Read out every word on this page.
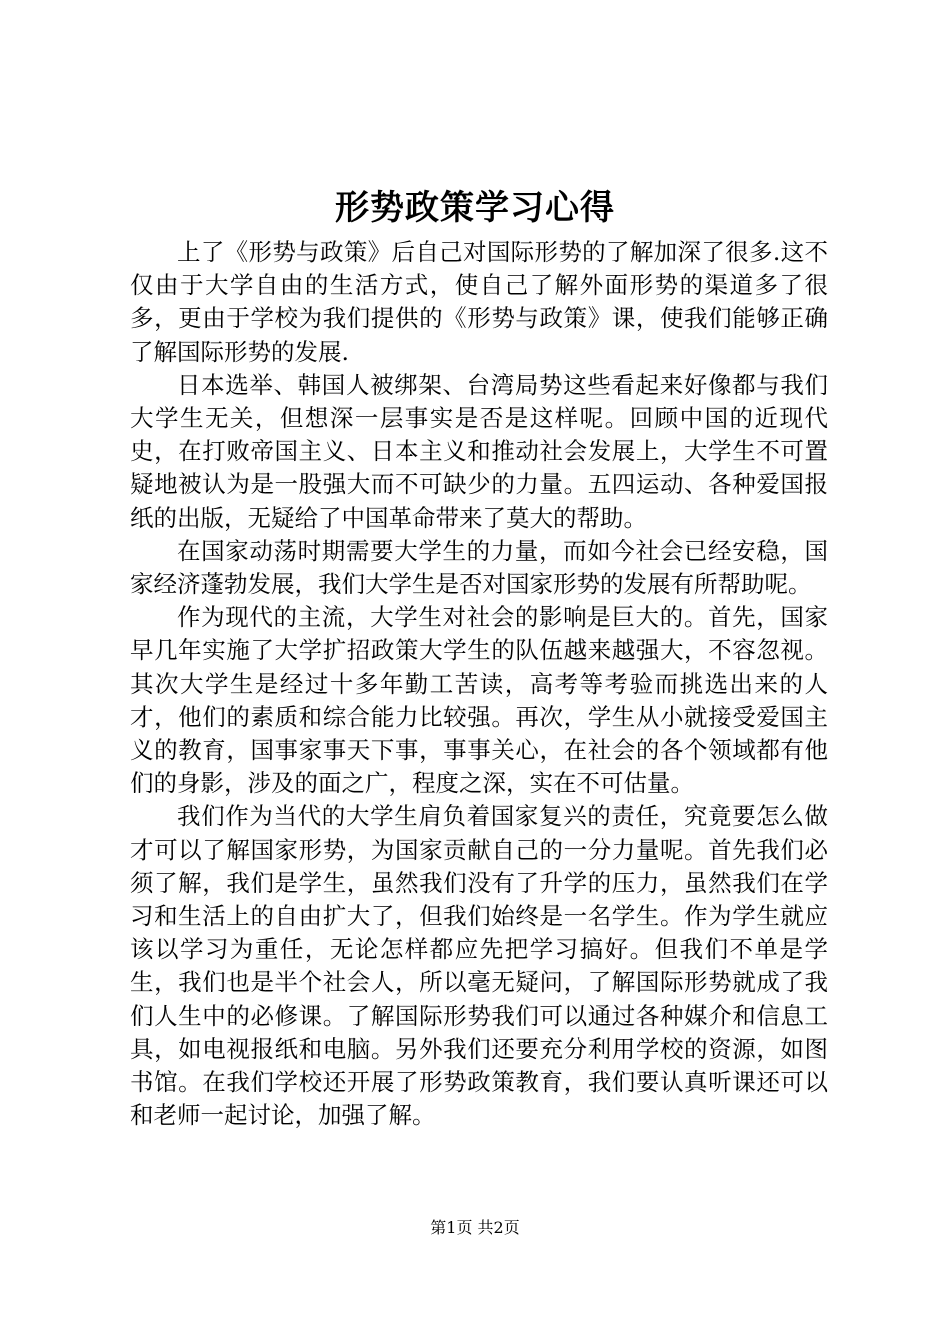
形势政策学习心得

上了《形势与政策》后自己对国际形势的了解加深了很多.这不仅由于大学自由的生活方式，使自己了解外面形势的渠道多了很多，更由于学校为我们提供的《形势与政策》课，使我们能够正确了解国际形势的发展.

日本选举、韩国人被绑架、台湾局势这些看起来好像都与我们大学生无关，但想深一层事实是否是这样呢。回顾中国的近现代史，在打败帝国主义、日本主义和推动社会发展上，大学生不可置疑地被认为是一股强大而不可缺少的力量。五四运动、各种爱国报纸的出版，无疑给了中国革命带来了莫大的帮助。

在国家动荡时期需要大学生的力量，而如今社会已经安稳，国家经济蓬勃发展，我们大学生是否对国家形势的发展有所帮助呢。

作为现代的主流，大学生对社会的影响是巨大的。首先，国家早几年实施了大学扩招政策大学生的队伍越来越强大，不容忽视。其次大学生是经过十多年勤工苦读，高考等考验而挑选出来的人才，他们的素质和综合能力比较强。再次，学生从小就接受爱国主义的教育，国事家事天下事，事事关心，在社会的各个领域都有他们的身影，涉及的面之广，程度之深，实在不可估量。

我们作为当代的大学生肩负着国家复兴的责任，究竟要怎么做才可以了解国家形势，为国家贡献自己的一分力量呢。首先我们必须了解，我们是学生，虽然我们没有了升学的压力，虽然我们在学习和生活上的自由扩大了，但我们始终是一名学生。作为学生就应该以学习为重任，无论怎样都应先把学习搞好。但我们不单是学生，我们也是半个社会人，所以毫无疑问，了解国际形势就成了我们人生中的必修课。了解国际形势我们可以通过各种媒介和信息工具，如电视报纸和电脑。另外我们还要充分利用学校的资源，如图书馆。在我们学校还开展了形势政策教育，我们要认真听课还可以和老师一起讨论，加强了解。

第1页 共2页
